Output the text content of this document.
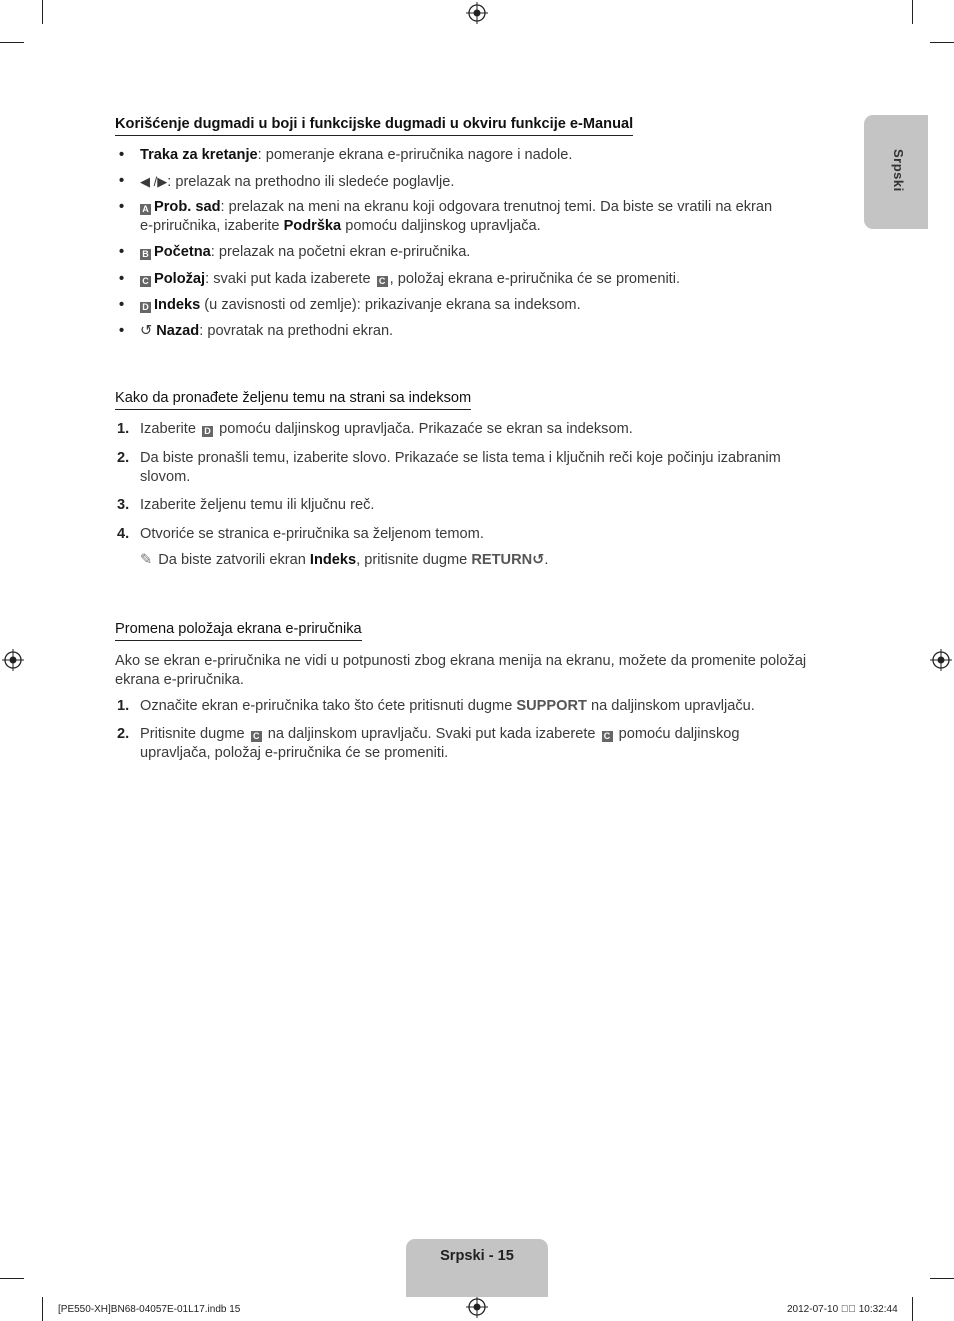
Srpski
Korišćenje dugmadi u boji i funkcijske dugmadi u okviru funkcije e-Manual
• Traka za kretanje: pomeranje ekrana e-priručnika nagore i nadole.
• ◀ /▶: prelazak na prethodno ili sledeće poglavlje.
• A Prob. sad: prelazak na meni na ekranu koji odgovara trenutnoj temi. Da biste se vratili na ekran
e-priručnika, izaberite Podrška pomoću daljinskog upravljača.
• B Početna: prelazak na početni ekran e-priručnika.
• C Položaj: svaki put kada izaberete C , položaj ekrana e-priručnika će se promeniti.
• D Indeks (u zavisnosti od zemlje): prikazivanje ekrana sa indeksom.
• ↺ Nazad: povratak na prethodni ekran.
Kako da pronađete željenu temu na strani sa indeksom
1. Izaberite D pomoću daljinskog upravljača. Prikazaće se ekran sa indeksom.
2. Da biste pronašli temu, izaberite slovo. Prikazaće se lista tema i ključnih reči koje počinju izabranim
slovom.
3. Izaberite željenu temu ili ključnu reč.
4. Otvoriće se stranica e-priručnika sa željenom temom.
✎ Da biste zatvorili ekran Indeks, pritisnite dugme RETURN↺.
Promena položaja ekrana e-priručnika
Ako se ekran e-priručnika ne vidi u potpunosti zbog ekrana menija na ekranu, možete da promenite položaj
ekrana e-priručnika.
1. Označite ekran e-priručnika tako što ćete pritisnuti dugme SUPPORT na daljinskom upravljaču.
2. Pritisnite dugme C na daljinskom upravljaču. Svaki put kada izaberete C pomoću daljinskog
upravljača, položaj e-priručnika će se promeniti.
Srpski - 15
[PE550-XH]BN68-04057E-01L17.indb 15	2012-07-10 ￿￿ 10:32:44
